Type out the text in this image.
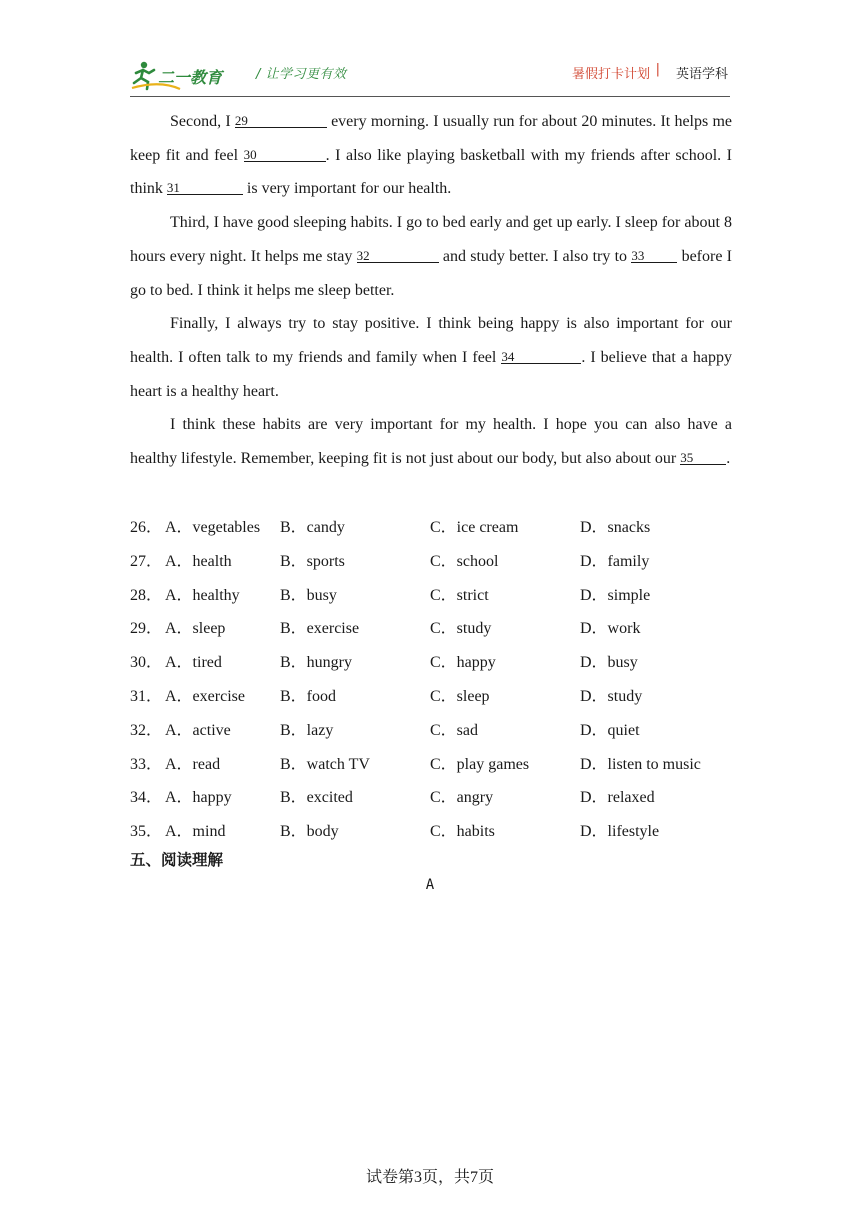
二一教育	/ 让学习更有效	暑假打卡计划 | 英语学科

Second, I 29	every morning. I usually run for about 20 minutes. It helps me keep fit and feel 30	. I also like playing basketball with my friends after school. I think 31	is very important for our health.

Third, I have good sleeping habits. I go to bed early and get up early. I sleep for about 8 hours every night. It helps me stay 32	and study better. I also try to 33 before I go to bed. I think it helps me sleep better.

Finally, I always try to stay positive. I think being happy is also important for our health. I often talk to my friends and family when I feel 34	. I believe that a happy heart is a healthy heart.

I think these habits are very important for my health. I hope you can also have a healthy lifestyle. Remember, keeping fit is not just about our body, but also about our 35 .

26． A．vegetables B．candy	C．ice cream	D．snacks
27． A．health	B．sports	C．school	D．family
28． A．healthy	B．busy	C．strict	D．simple
29． A．sleep	B．exercise	C．study	D．work
30． A．tired	B．hungry	C．happy	D．busy
31． A．exercise B．food	C．sleep	D．study
32． A．active	B．lazy	C．sad	D．quiet
33． A．read	B．watch TV	C．play games	D．listen to music
34． A．happy	B．excited	C．angry	D．relaxed
35． A．mind	B．body	C．habits	D．lifestyle
五、阅读理解
A
试卷第3页，共7页
